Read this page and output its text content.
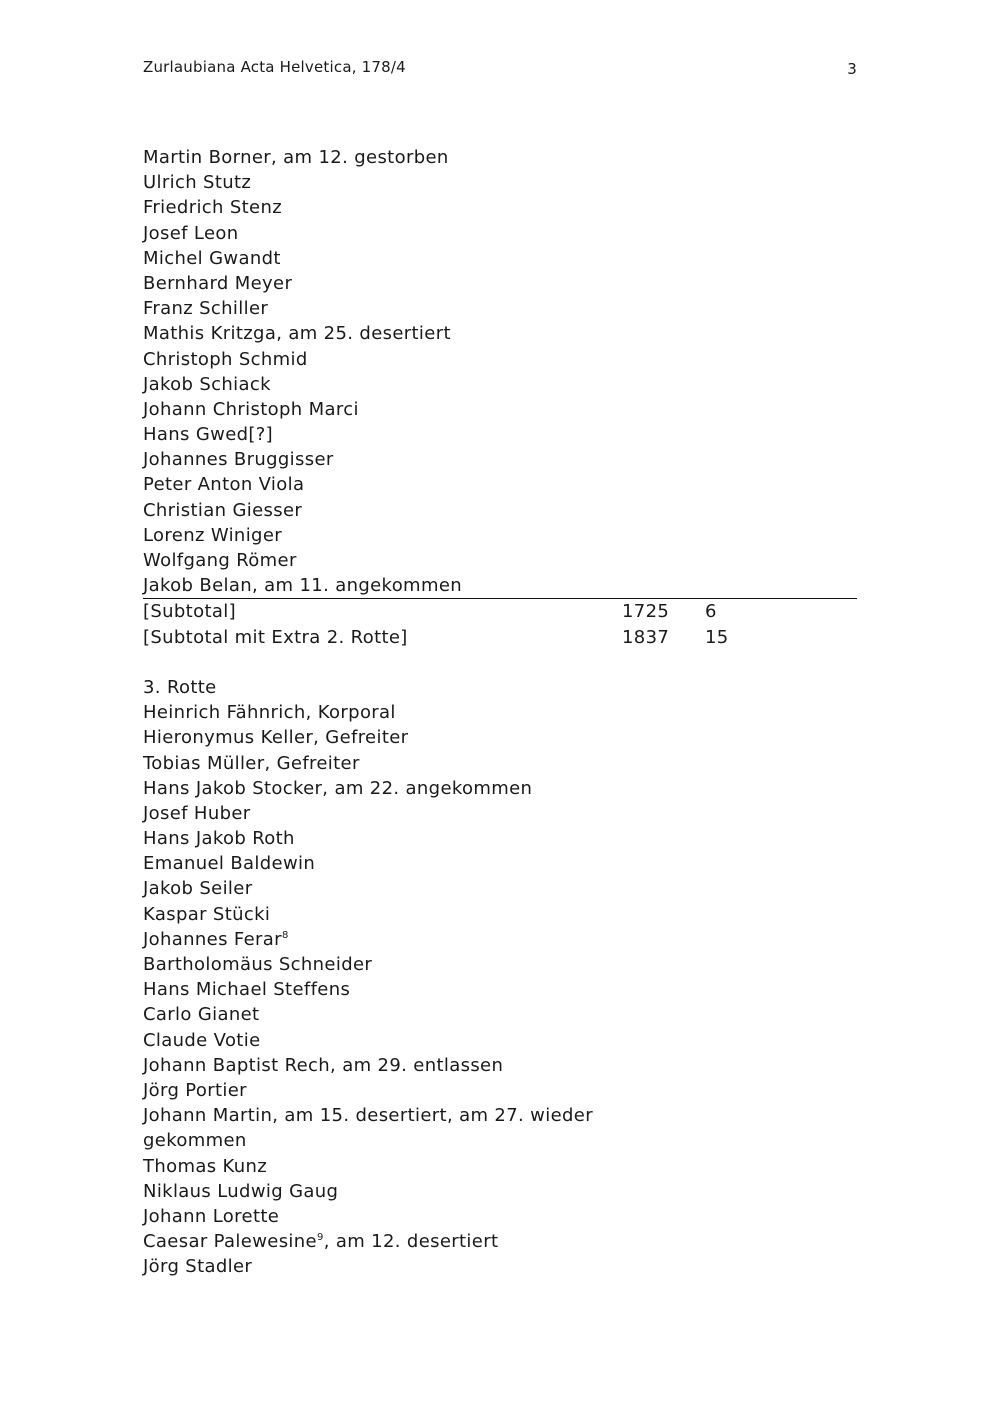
Zurlaubiana Acta Helvetica, 178/4	3
Martin Borner, am 12. gestorben
Ulrich Stutz
Friedrich Stenz
Josef Leon
Michel Gwandt
Bernhard Meyer
Franz Schiller
Mathis Kritzga, am 25. desertiert
Christoph Schmid
Jakob Schiack
Johann Christoph Marci
Hans Gwed[?]
Johannes Bruggisser
Peter Anton Viola
Christian Giesser
Lorenz Winiger
Wolfgang Römer
Jakob Belan, am 11. angekommen
[Subtotal]	1725 6
[Subtotal mit Extra 2. Rotte]	1837 15
3. Rotte
Heinrich Fähnrich, Korporal
Hieronymus Keller, Gefreiter
Tobias Müller, Gefreiter
Hans Jakob Stocker, am 22. angekommen
Josef Huber
Hans Jakob Roth
Emanuel Baldewin
Jakob Seiler
Kaspar Stücki
Johannes Ferar$^8$
Bartholomäus Schneider
Hans Michael Steffens
Carlo Gianet
Claude Votie
Johann Baptist Rech, am 29. entlassen
Jörg Portier
Johann Martin, am 15. desertiert, am 27. wieder
gekommen
Thomas Kunz
Niklaus Ludwig Gaug
Johann Lorette
Caesar Palewesine$^9$, am 12. desertiert
Jörg Stadler
